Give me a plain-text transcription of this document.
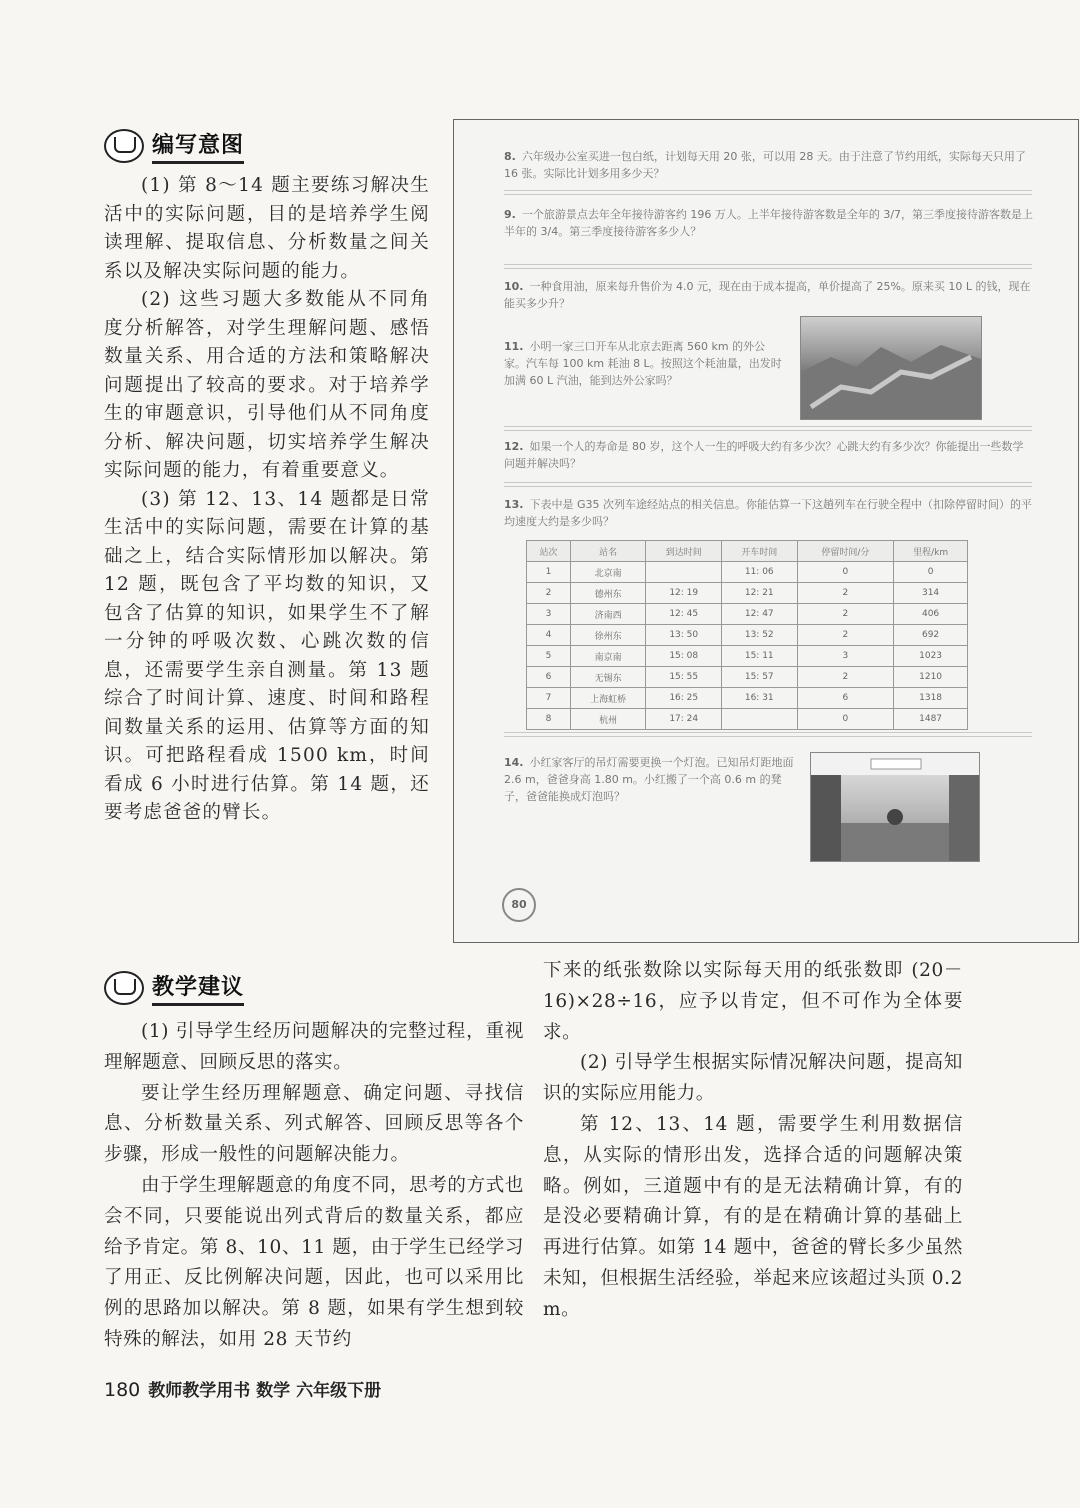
编写意图

(1) 第 8～14 题主要练习解决生活中的实际问题，目的是培养学生阅读理解、提取信息、分析数量之间关系以及解决实际问题的能力。

(2) 这些习题大多数能从不同角度分析解答，对学生理解问题、感悟数量关系、用合适的方法和策略解决问题提出了较高的要求。对于培养学生的审题意识，引导他们从不同角度分析、解决问题，切实培养学生解决实际问题的能力，有着重要意义。

(3) 第 12、13、14 题都是日常生活中的实际问题，需要在计算的基础之上，结合实际情形加以解决。第 12 题，既包含了平均数的知识，又包含了估算的知识，如果学生不了解一分钟的呼吸次数、心跳次数的信息，还需要学生亲自测量。第 13 题综合了时间计算、速度、时间和路程间数量关系的运用、估算等方面的知识。可把路程看成 1500 km，时间看成 6 小时进行估算。第 14 题，还要考虑爸爸的臂长。

8. 六年级办公室买进一包白纸，计划每天用 20 张，可以用 28 天。由于注意了节约用纸，实际每天只用了 16 张。实际比计划多用多少天？
9. 一个旅游景点去年全年接待游客约 196 万人。上半年接待游客数是全年的 3/7，第三季度接待游客数是上半年的 3/4。第三季度接待游客多少人？
10. 一种食用油，原来每升售价为 4.0 元，现在由于成本提高，单价提高了 25%。原来买 10 L 的钱，现在能买多少升？
11. 小明一家三口开车从北京去距离 560 km 的外公家。汽车每 100 km 耗油 8 L。按照这个耗油量，出发时加满 60 L 汽油，能到达外公家吗？
12. 如果一个人的寿命是 80 岁，这个人一生的呼吸大约有多少次？心跳大约有多少次？你能提出一些数学问题并解决吗？
13. 下表中是 G35 次列车途经站点的相关信息。你能估算一下这趟列车在行驶全程中（扣除停留时间）的平均速度大约是多少吗？
站次	站名	到达时间	开车时间	停留时间/分	里程/km
1	北京南		11: 06	0	0
2	德州东	12: 19	12: 21	2	314
3	济南西	12: 45	12: 47	2	406
4	徐州东	13: 50	13: 52	2	692
5	南京南	15: 08	15: 11	3	1023
6	无锡东	15: 55	15: 57	2	1210
7	上海虹桥	16: 25	16: 31	6	1318
8	杭州	17: 24		0	1487
14. 小红家客厅的吊灯需要更换一个灯泡。已知吊灯距地面 2.6 m，爸爸身高 1.80 m。小红搬了一个高 0.6 m 的凳子，爸爸能换成灯泡吗？
80
教学建议

(1) 引导学生经历问题解决的完整过程，重视理解题意、回顾反思的落实。

要让学生经历理解题意、确定问题、寻找信息、分析数量关系、列式解答、回顾反思等各个步骤，形成一般性的问题解决能力。

由于学生理解题意的角度不同，思考的方式也会不同，只要能说出列式背后的数量关系，都应给予肯定。第 8、10、11 题，由于学生已经学习了用正、反比例解决问题，因此，也可以采用比例的思路加以解决。第 8 题，如果有学生想到较特殊的解法，如用 28 天节约

下来的纸张数除以实际每天用的纸张数即 (20－16)×28÷16，应予以肯定，但不可作为全体要求。

(2) 引导学生根据实际情况解决问题，提高知识的实际应用能力。

第 12、13、14 题，需要学生利用数据信息，从实际的情形出发，选择合适的问题解决策略。例如，三道题中有的是无法精确计算，有的是没必要精确计算，有的是在精确计算的基础上再进行估算。如第 14 题中，爸爸的臂长多少虽然未知，但根据生活经验，举起来应该超过头顶 0.2 m。

180 教师教学用书 数学 六年级下册
